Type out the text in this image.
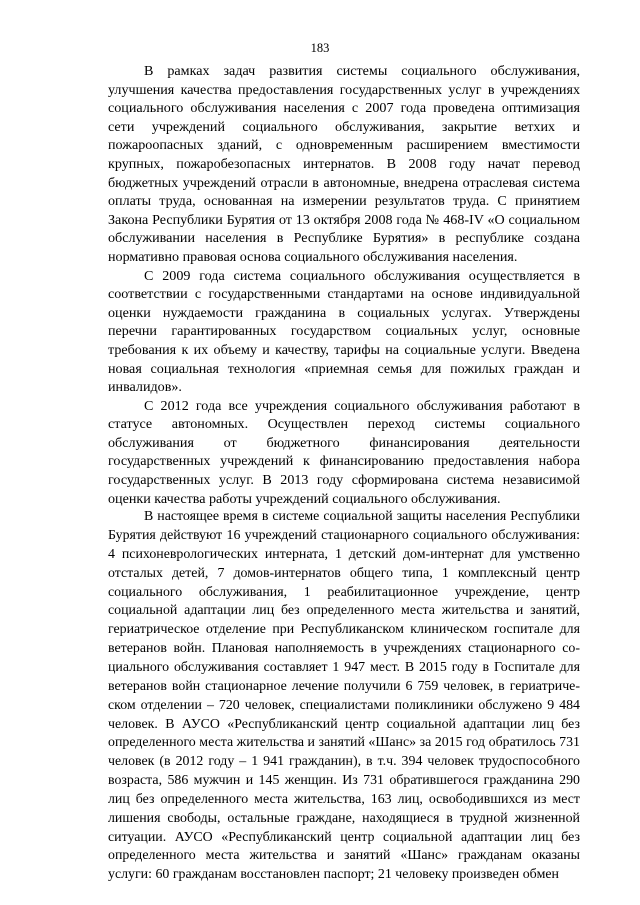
183

В рамках задач развития системы социального обслуживания, улучшения качества предоставления государственных услуг в учреждениях социального обслуживания населения с 2007 года проведена оптимизация сети учреждений социального обслуживания, закрытие ветхих и пожароопасных зданий, с одновременным расширением вместимости крупных, пожаробезопасных интернатов. В 2008 году начат перевод бюджетных учреждений отрасли в автономные, внедрена отраслевая система оплаты труда, основанная на измерении результатов труда. С принятием Закона Республики Бурятия от 13 октября 2008 года № 468-IV «О социальном обслуживании населения в Республике Бурятия» в республике создана нормативно правовая основа социального обслуживания населения.

С 2009 года система социального обслуживания осуществляется в соответствии с государственными стандартами на основе индивидуальной оценки нуждаемости гражданина в социальных услугах. Утверждены перечни гарантированных государством социальных услуг, основные требования к их объему и качеству, тарифы на социальные услуги. Введена новая социальная технология «приемная семья для пожилых граждан и инвалидов».

С 2012 года все учреждения социального обслуживания работают в статусе автономных. Осуществлен переход системы социального обслуживания от бюджетного финансирования деятельности государственных учреждений к финансированию предоставления набора государственных услуг. В 2013 году сформирована система независимой оценки качества работы учреждений социального обслуживания.

В настоящее время в системе социальной защиты населения Республики Бурятия действуют 16 учреждений стационарного социального обслуживания: 4 психоневрологических интерната, 1 детский дом-интернат для умственно отсталых детей, 7 домов-интернатов общего типа, 1 комплексный центр социального обслуживания, 1 реабилитационное учреждение, центр социальной адаптации лиц без определенного места жительства и занятий, гериатрическое отделение при Республиканском клиническом госпитале для ветеранов войн. Плановая наполняемость в учреждениях стационарного социального обслуживания составляет 1 947 мест. В 2015 году в Госпитале для ветеранов войн стационарное лечение получили 6 759 человек, в гериатрическом отделении – 720 человек, специалистами поликлиники обслужено 9 484 человек. В АУСО «Республиканский центр социальной адаптации лиц без определенного места жительства и занятий «Шанс» за 2015 год обратилось 731 человек (в 2012 году – 1 941 гражданин), в т.ч. 394 человек трудоспособного возраста, 586 мужчин и 145 женщин. Из 731 обратившегося гражданина 290 лиц без определенного места жительства, 163 лиц, освободившихся из мест лишения свободы, остальные граждане, находящиеся в трудной жизненной ситуации. АУСО «Республиканский центр социальной адаптации лиц без определенного места жительства и занятий «Шанс» гражданам оказаны услуги: 60 гражданам восстановлен паспорт; 21 человеку произведен обмен
